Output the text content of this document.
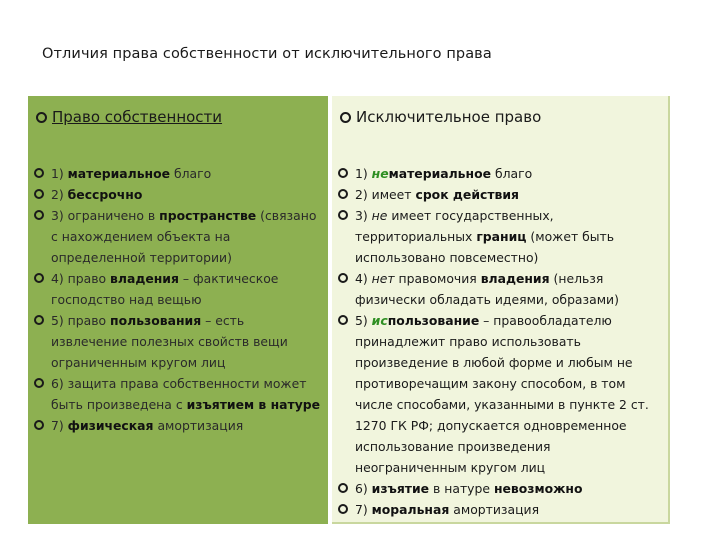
Отличия права собственности от исключительного права
Право собственности
1) материальное благо
2) бессрочно
3) ограничено в пространстве (связано с нахождением объекта на определенной территории)
4) право владения – фактическое господство над вещью
5) право пользования – есть извлечение полезных свойств вещи ограниченным кругом лиц
6) защита права собственности может быть произведена с изъятием в натуре
7) физическая амортизация
Исключительное право
1) нематериальное благо
2) имеет срок действия
3) не имеет государственных, территориальных границ (может быть использовано повсеместно)
4) нет правомочия владения (нельзя физически обладать идеями, образами)
5) использование – правообладателю принадлежит право использовать произведение в любой форме и любым не противоречащим закону способом, в том числе способами, указанными в пункте 2 ст. 1270 ГК РФ; допускается одновременное использование произведения неограниченным кругом лиц
6) изъятие в натуре невозможно
7) моральная амортизация
